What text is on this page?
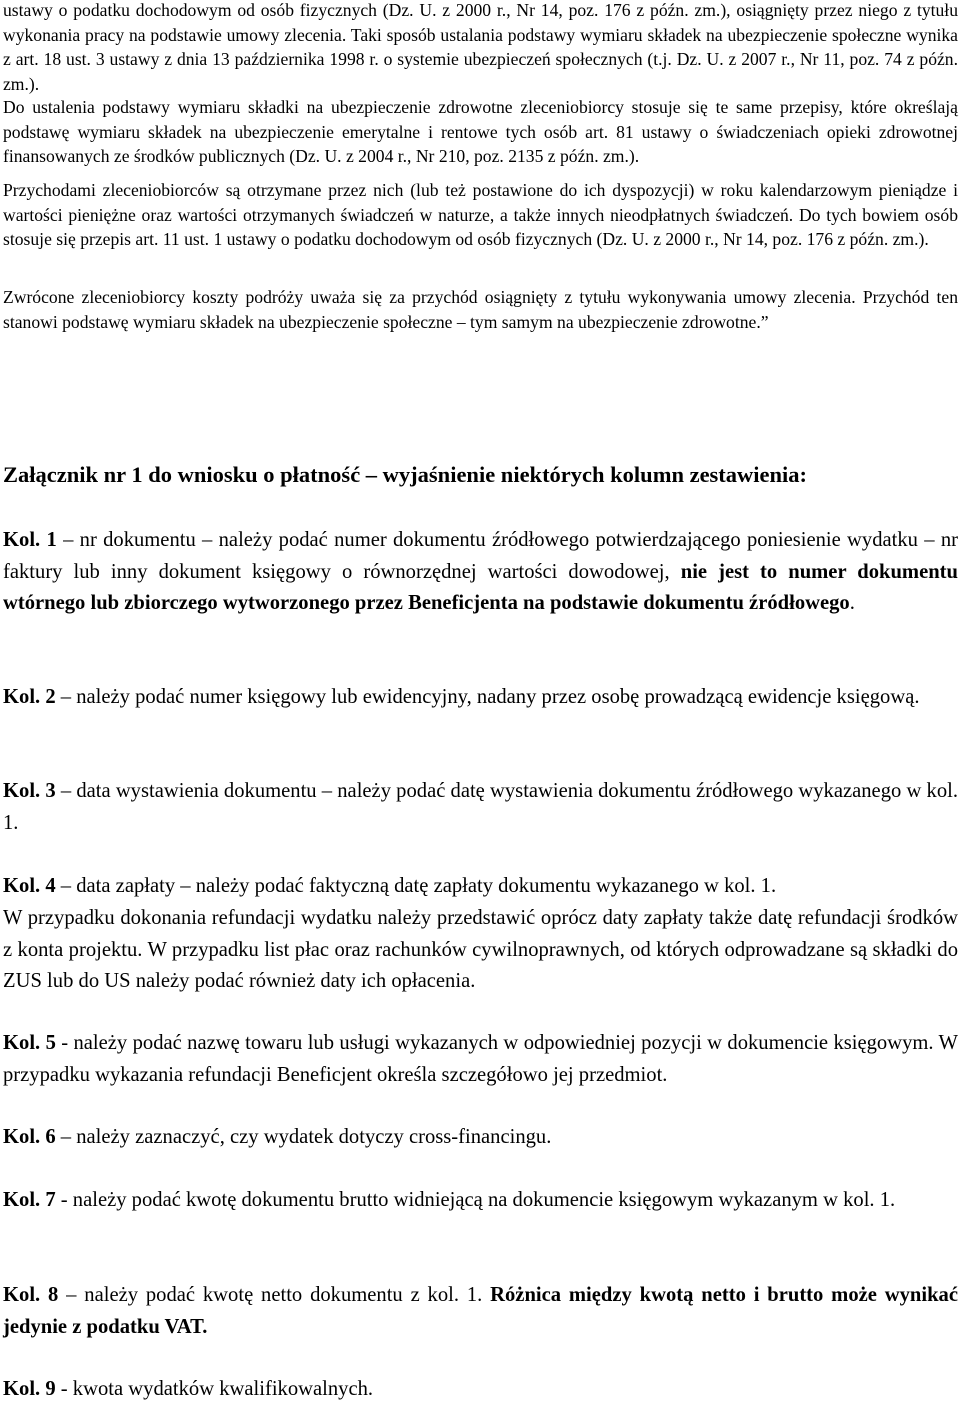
ustawy o podatku dochodowym od osób fizycznych (Dz. U. z 2000 r., Nr 14, poz. 176 z późn. zm.), osiągnięty przez niego z tytułu wykonania pracy na podstawie umowy zlecenia. Taki sposób ustalania podstawy wymiaru składek na ubezpieczenie społeczne wynika z art. 18 ust. 3 ustawy z dnia 13 października 1998 r. o systemie ubezpieczeń społecznych (t.j. Dz. U. z 2007 r., Nr 11, poz. 74 z późn. zm.).

Do ustalenia podstawy wymiaru składki na ubezpieczenie zdrowotne zleceniobiorcy stosuje się te same przepisy, które określają podstawę wymiaru składek na ubezpieczenie emerytalne i rentowe tych osób art. 81 ustawy o świadczeniach opieki zdrowotnej finansowanych ze środków publicznych (Dz. U. z 2004 r., Nr 210, poz. 2135 z późn. zm.).

Przychodami zleceniobiorców są otrzymane przez nich (lub też postawione do ich dyspozycji) w roku kalendarzowym pieniądze i wartości pieniężne oraz wartości otrzymanych świadczeń w naturze, a także innych nieodpłatnych świadczeń. Do tych bowiem osób stosuje się przepis art. 11 ust. 1 ustawy o podatku dochodowym od osób fizycznych (Dz. U. z 2000 r., Nr 14, poz. 176 z późn. zm.).

Zwrócone zleceniobiorcy koszty podróży uważa się za przychód osiągnięty z tytułu wykonywania umowy zlecenia. Przychód ten stanowi podstawę wymiaru składek na ubezpieczenie społeczne – tym samym na ubezpieczenie zdrowotne.”

Załącznik nr 1 do wniosku o płatność – wyjaśnienie niektórych kolumn zestawienia:

Kol. 1 – nr dokumentu – należy podać numer dokumentu źródłowego potwierdzającego poniesienie wydatku – nr faktury lub inny dokument księgowy o równorzędnej wartości dowodowej, nie jest to numer dokumentu wtórnego lub zbiorczego wytworzonego przez Beneficjenta na podstawie dokumentu źródłowego.

Kol. 2 – należy podać numer księgowy lub ewidencyjny, nadany przez osobę prowadzącą ewidencje księgową.

Kol. 3 – data wystawienia dokumentu – należy podać datę wystawienia dokumentu źródłowego wykazanego w kol. 1.

Kol. 4 – data zapłaty – należy podać faktyczną datę zapłaty dokumentu wykazanego w kol. 1.

W przypadku dokonania refundacji wydatku należy przedstawić oprócz daty zapłaty także datę refundacji środków z konta projektu. W przypadku list płac oraz rachunków cywilnoprawnych, od których odprowadzane są składki do ZUS lub do US należy podać również daty ich opłacenia.

Kol. 5 - należy podać nazwę towaru lub usługi wykazanych w odpowiedniej pozycji w dokumencie księgowym. W przypadku wykazania refundacji Beneficjent określa szczegółowo jej przedmiot.

Kol. 6 – należy zaznaczyć, czy wydatek dotyczy cross-financingu.

Kol. 7 - należy podać kwotę dokumentu brutto widniejącą na dokumencie księgowym wykazanym w kol. 1.

Kol. 8 – należy podać kwotę netto dokumentu z kol. 1. Różnica między kwotą netto i brutto może wynikać jedynie z podatku VAT.

Kol. 9 - kwota wydatków kwalifikowalnych.
